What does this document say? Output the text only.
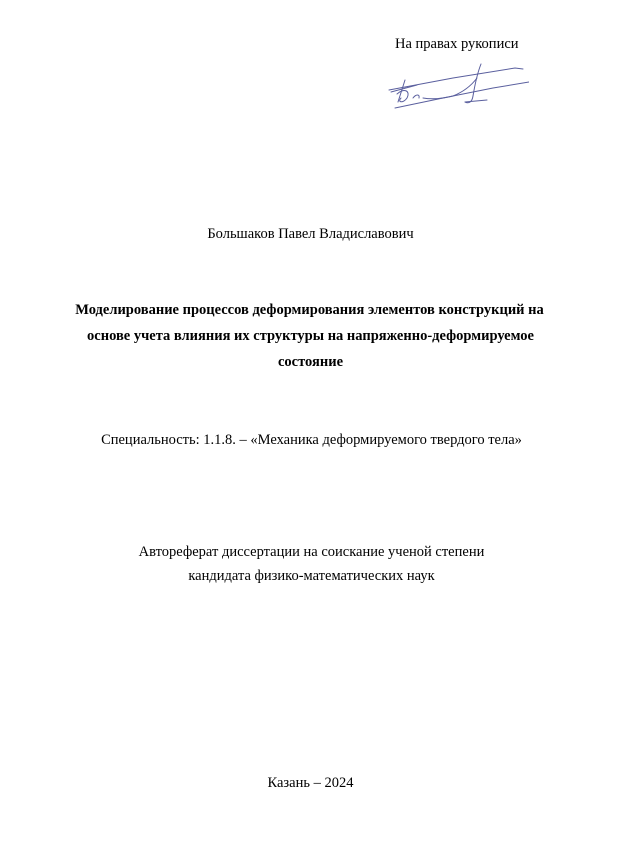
На правах рукописи
Большаков Павел Владиславович
Моделирование процессов деформирования элементов конструкций на
основе учета влияния их структуры на напряженно-деформируемое
состояние
Специальность: 1.1.8. – «Механика деформируемого твердого тела»
Автореферат диссертации на соискание ученой степени
кандидата физико-математических наук
Казань – 2024
